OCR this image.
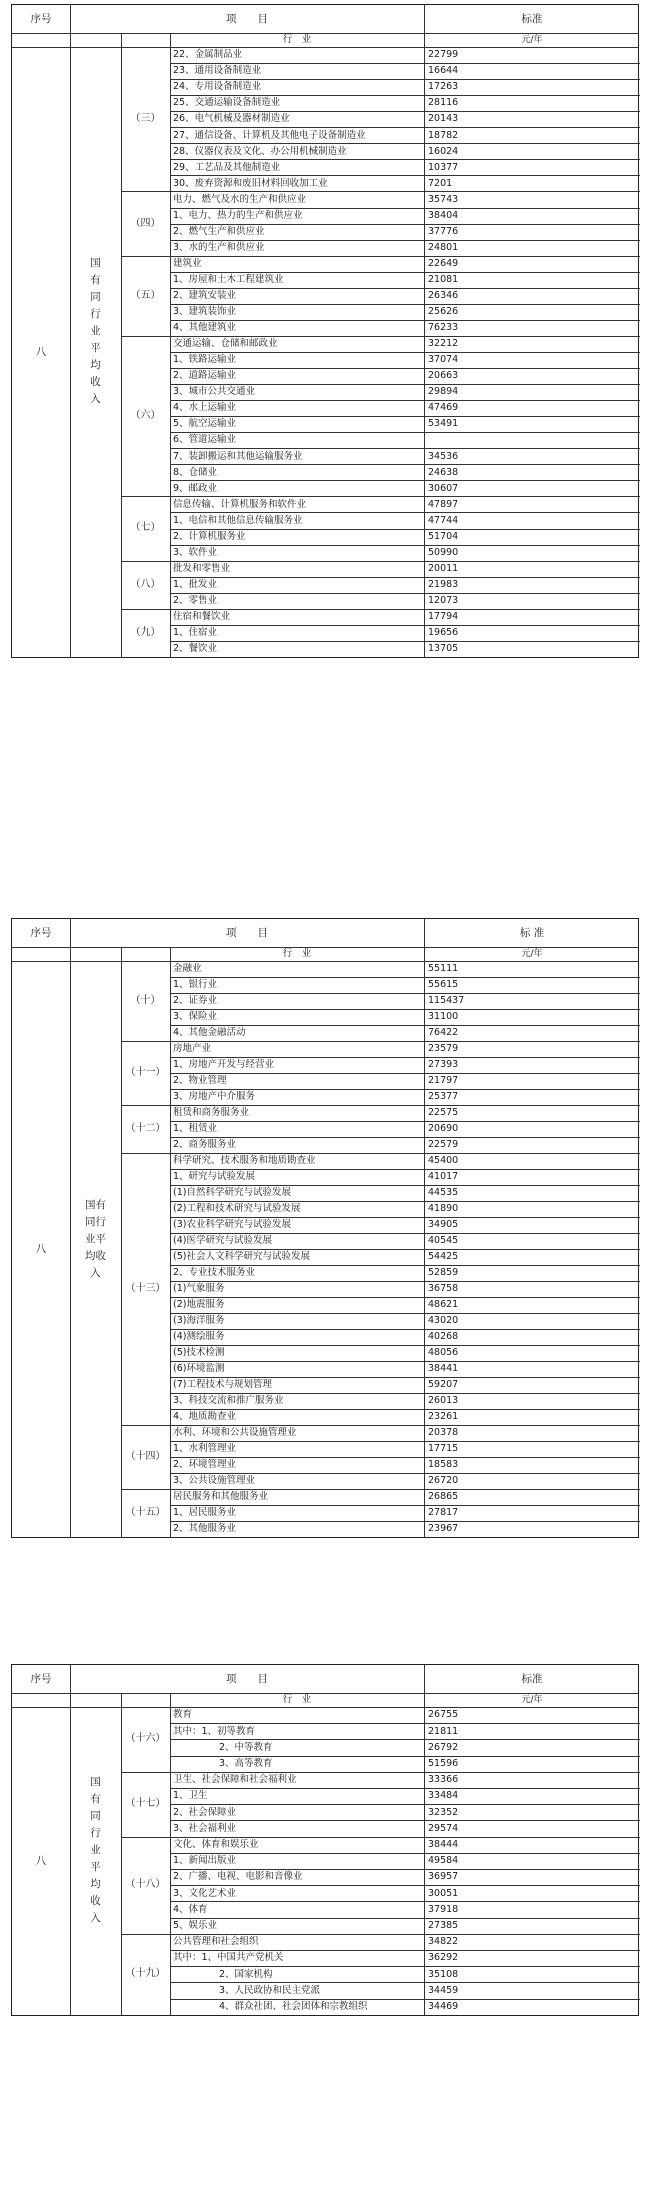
序号	项　　目	标准
行　业	元/年
八
国有同行业平均收入
（三）
22、金属制品业	22799
23、通用设备制造业	16644
24、专用设备制造业	17263
25、交通运输设备制造业	28116
26、电气机械及器材制造业	20143
27、通信设备、计算机及其他电子设备制造业	18782
28、仪器仪表及文化、办公用机械制造业	16024
29、工艺品及其他制造业	10377
30、废弃资源和废旧材料回收加工业	7201
（四）
电力、燃气及水的生产和供应业	35743
1、电力、热力的生产和供应业	38404
2、燃气生产和供应业	37776
3、水的生产和供应业	24801
（五）
建筑业	22649
1、房屋和土木工程建筑业	21081
2、建筑安装业	26346
3、建筑装饰业	25626
4、其他建筑业	76233
（六）
交通运输、仓储和邮政业	32212
1、铁路运输业	37074
2、道路运输业	20663
3、城市公共交通业	29894
4、水上运输业	47469
5、航空运输业	53491
6、管道运输业
7、装卸搬运和其他运输服务业	34536
8、仓储业	24638
9、邮政业	30607
（七）
信息传输、计算机服务和软件业	47897
1、电信和其他信息传输服务业	47744
2、计算机服务业	51704
3、软件业	50990
（八）
批发和零售业	20011
1、批发业	21983
2、零售业	12073
（九）
住宿和餐饮业	17794
1、住宿业	19656
2、餐饮业	13705
序号	项　　目	标 准
行　业	元/年
八
国有同行业平均收入
（十）
金融业	55111
1、银行业	55615
2、证券业	115437
3、保险业	31100
4、其他金融活动	76422
（十一）
房地产业	23579
1、房地产开发与经营业	27393
2、物业管理	21797
3、房地产中介服务	25377
（十二）
租赁和商务服务业	22575
1、租赁业	20690
2、商务服务业	22579
（十三）
科学研究、技术服务和地质勘查业	45400
1、研究与试验发展	41017
(1)自然科学研究与试验发展	44535
(2)工程和技术研究与试验发展	41890
(3)农业科学研究与试验发展	34905
(4)医学研究与试验发展	40545
(5)社会人文科学研究与试验发展	54425
2、专业技术服务业	52859
(1)气象服务	36758
(2)地震服务	48621
(3)海洋服务	43020
(4)测绘服务	40268
(5)技术检测	48056
(6)环境监测	38441
(7)工程技术与规划管理	59207
3、科技交流和推广服务业	26013
4、地质勘查业	23261
（十四）
水利、环境和公共设施管理业	20378
1、水利管理业	17715
2、环境管理业	18583
3、公共设施管理业	26720
（十五）
居民服务和其他服务业	26865
1、居民服务业	27817
2、其他服务业	23967
序号	项　　目	标准
行　业	元/年
八
国有同行业平均收入
（十六）
教育	26755
其中：1、初等教育	21811
2、中等教育	26792
3、高等教育	51596
（十七）
卫生、社会保障和社会福利业	33366
1、卫生	33484
2、社会保障业	32352
3、社会福利业	29574
（十八）
文化、体育和娱乐业	38444
1、新闻出版业	49584
2、广播、电视、电影和音像业	36957
3、文化艺术业	30051
4、体育	37918
5、娱乐业	27385
（十九）
公共管理和社会组织	34822
其中：1、中国共产党机关	36292
2、国家机构	35108
3、人民政协和民主党派	34459
4、群众社团、社会团体和宗教组织	34469
